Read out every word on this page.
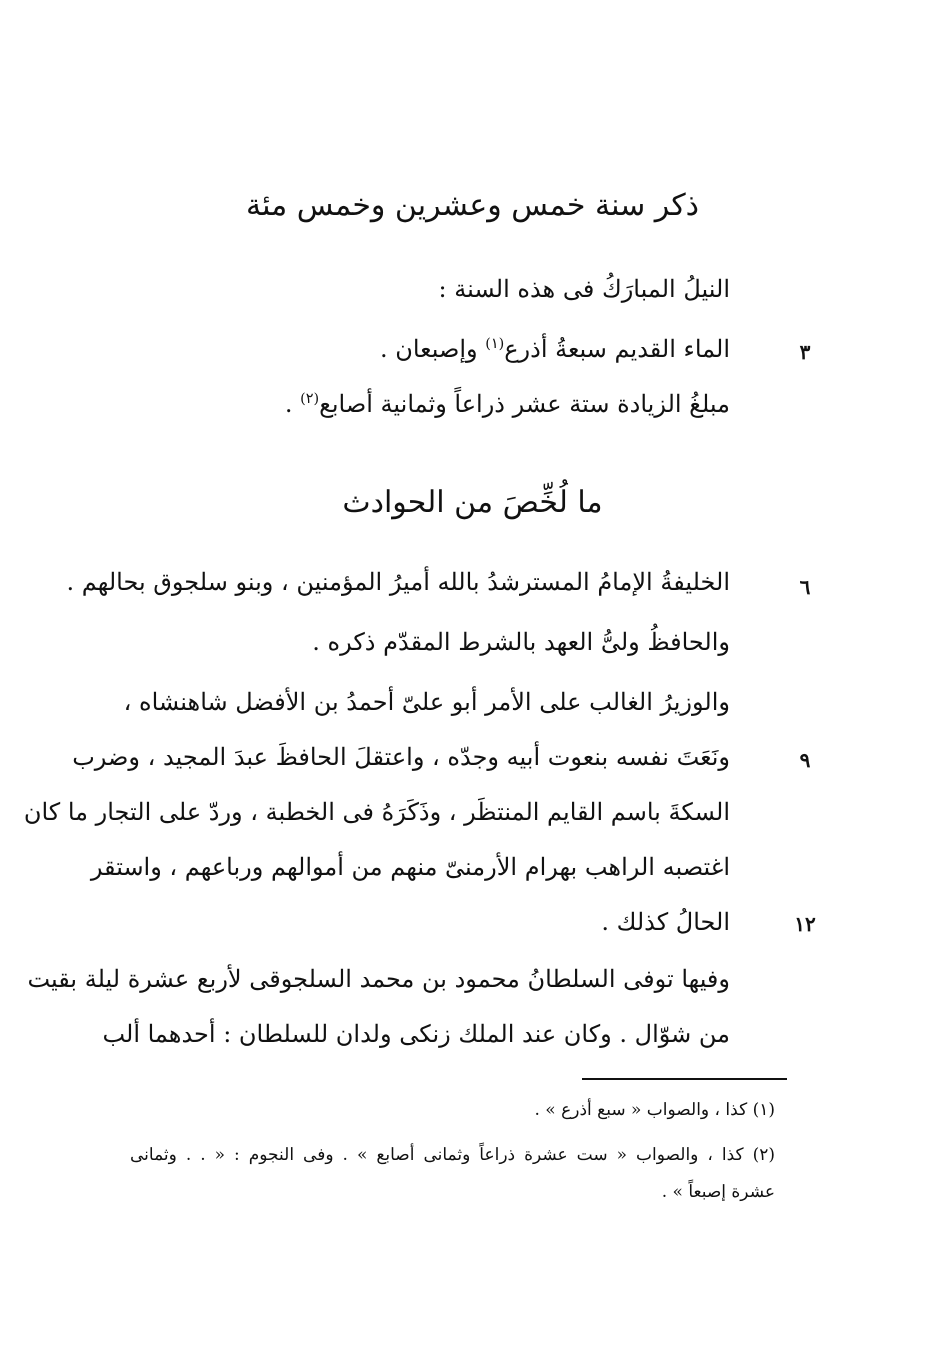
ذكر سنة خمس وعشرين وخمس مئة
النيلُ المبارَكُ فى هذه السنة :
الماء القديم سبعةُ أذرع$^{(١)}$ وإصبعان .	٣
مبلغُ الزيادة ستة عشر ذراعاً وثمانية أصابع$^{(٢)}$ .
ما لُخِّصَ من الحوادث
الخليفةُ الإمامُ المسترشدُ بالله أميرُ المؤمنين ، وبنو سلجوق بحالهم .	٦
والحافظُ ولىُّ العهد بالشرط المقدّم ذكره .
والوزيرُ الغالب على الأمر أبو علىّ أحمدُ بن الأفضل شاهنشاه ،
ونَعَتَ نفسه بنعوت أبيه وجدّه ، واعتقلَ الحافظَ عبدَ المجيد ، وضرب	٩
السكةَ باسم القايم المنتظَر ، وذَكَرَهُ فى الخطبة ، وردّ على التجار ما كان
اغتصبه الراهب بهرام الأرمنىّ منهم من أموالهم ورباعهم ، واستقر
الحالُ كذلك .	١٢
وفيها توفى السلطانُ محمود بن محمد السلجوقى لأربع عشرة ليلة بقيت
من شوّال . وكان عند الملك زنكى ولدان للسلطان : أحدهما ألب
(١) كذا ، والصواب « سبع أذرع » .
(٢) كذا ، والصواب « ست عشرة ذراعاً وثمانى أصابع » . وفى النجوم : « . . وثمانى
عشرة إصبعاً » .
